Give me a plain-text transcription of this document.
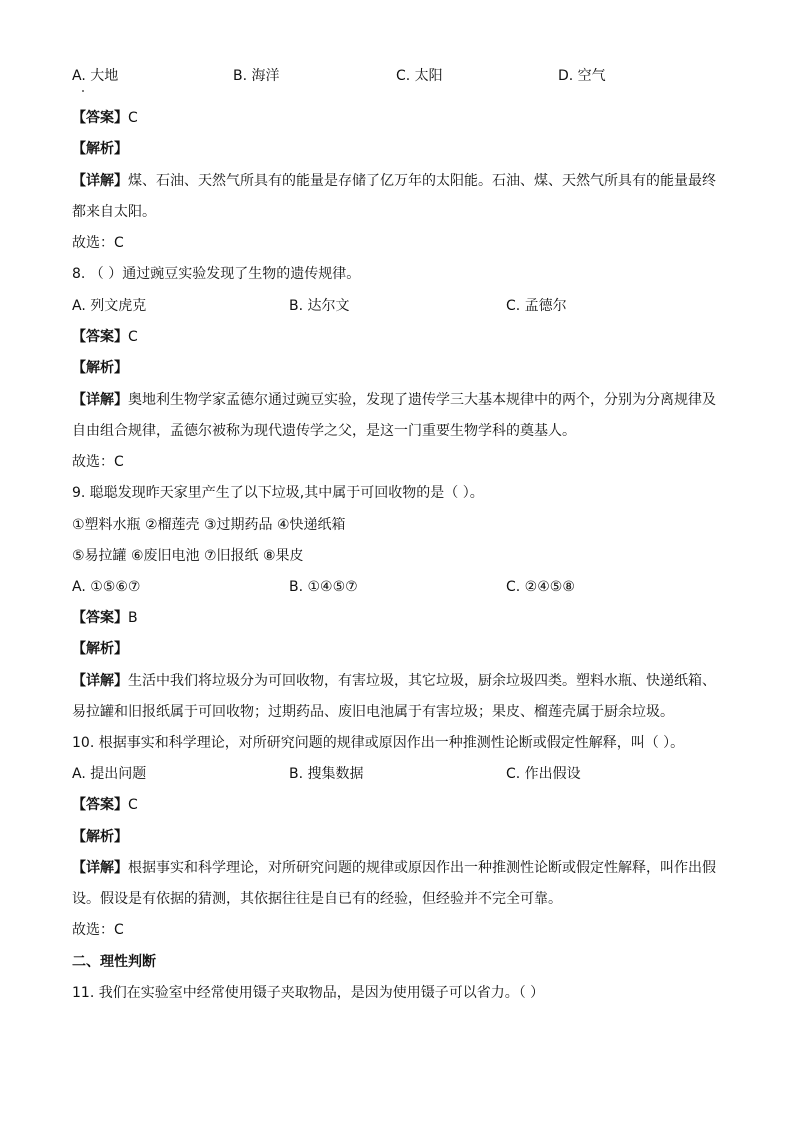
A. 大地	B. 海洋	C. 太阳	D. 空气
【答案】C
【解析】
【详解】煤、石油、天然气所具有的能量是存储了亿万年的太阳能。石油、煤、天然气所具有的能量最终
都来自太阳。
故选：C
8. （ ）通过豌豆实验发现了生物的遗传规律。
A. 列文虎克	B. 达尔文	C. 孟德尔
【答案】C
【解析】
【详解】奥地利生物学家孟德尔通过豌豆实验，发现了遗传学三大基本规律中的两个，分别为分离规律及
自由组合规律，孟德尔被称为现代遗传学之父，是这一门重要生物学科的奠基人。
故选：C
9. 聪聪发现昨天家里产生了以下垃圾,其中属于可回收物的是（ ）。
①塑料水瓶 ②榴莲壳 ③过期药品 ④快递纸箱
⑤易拉罐 ⑥废旧电池 ⑦旧报纸 ⑧果皮
A. ①⑤⑥⑦	B. ①④⑤⑦	C. ②④⑤⑧
【答案】B
【解析】
【详解】生活中我们将垃圾分为可回收物，有害垃圾，其它垃圾，厨余垃圾四类。塑料水瓶、快递纸箱、
易拉罐和旧报纸属于可回收物；过期药品、废旧电池属于有害垃圾；果皮、榴莲壳属于厨余垃圾。
10. 根据事实和科学理论，对所研究问题的规律或原因作出一种推测性论断或假定性解释，叫（ ）。
A. 提出问题	B. 搜集数据	C. 作出假设
【答案】C
【解析】
【详解】根据事实和科学理论，对所研究问题的规律或原因作出一种推测性论断或假定性解释，叫作出假
设。假设是有依据的猜测，其依据往往是自已有的经验，但经验并不完全可靠。
故选：C
二、理性判断
11. 我们在实验室中经常使用镊子夹取物品，是因为使用镊子可以省力。（ ）
